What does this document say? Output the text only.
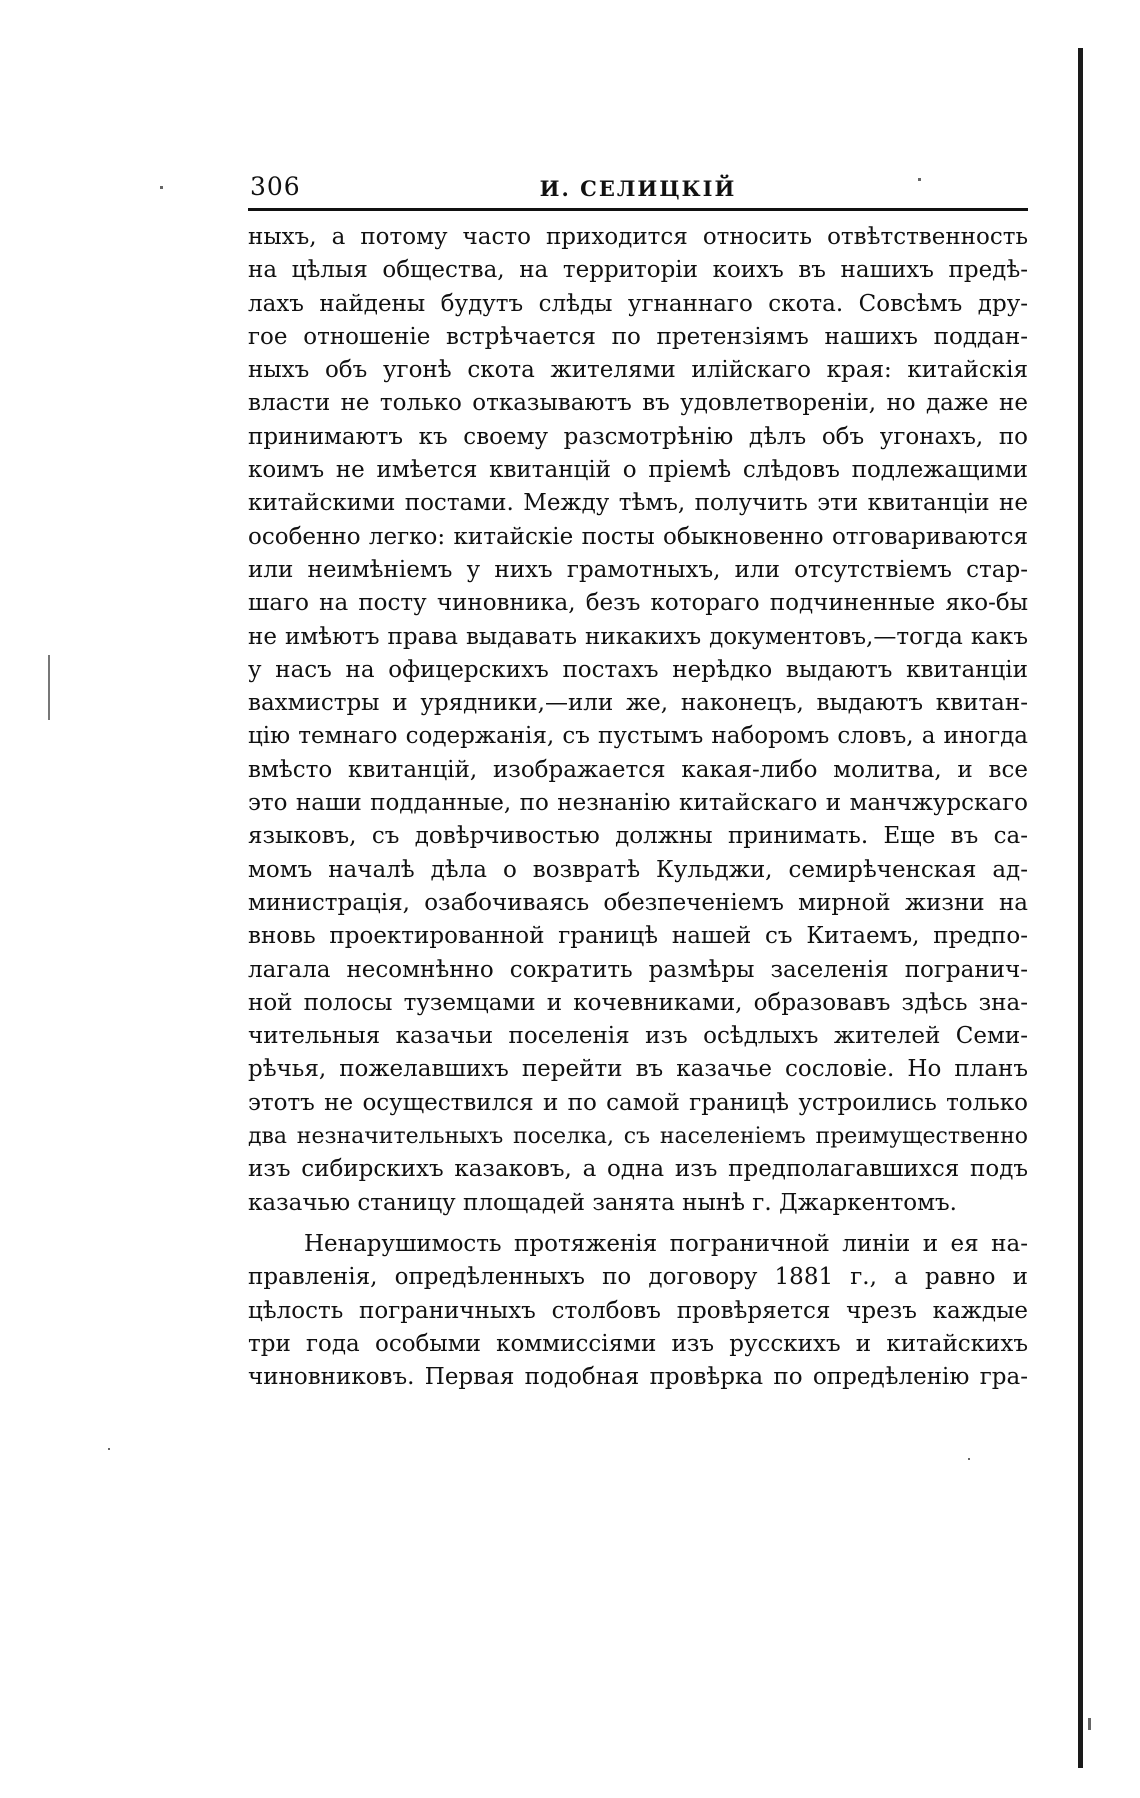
306	И. СЕЛИЦКІЙ
ныхъ, а потому часто приходится относить отвѣтственность
на цѣлыя общества, на территоріи коихъ въ нашихъ предѣ-
лахъ найдены будутъ слѣды угнаннаго скота. Совсѣмъ дру-
гое отношеніе встрѣчается по претензіямъ нашихъ поддан-
ныхъ объ угонѣ скота жителями илійскаго края: китайскія
власти не только отказываютъ въ удовлетвореніи, но даже не
принимаютъ къ своему разсмотрѣнію дѣлъ объ угонахъ, по
коимъ не имѣется квитанцій о пріемѣ слѣдовъ подлежащими
китайскими постами. Между тѣмъ, получить эти квитанціи не
особенно легко: китайскіе посты обыкновенно отговариваются
или неимѣніемъ у нихъ грамотныхъ, или отсутствіемъ стар-
шаго на посту чиновника, безъ котораго подчиненные яко-бы
не имѣютъ права выдавать никакихъ документовъ,—тогда какъ
у насъ на офицерскихъ постахъ нерѣдко выдаютъ квитанціи
вахмистры и урядники,—или же, наконецъ, выдаютъ квитан-
цію темнаго содержанія, съ пустымъ наборомъ словъ, а иногда
вмѣсто квитанцій, изображается какая-либо молитва, и все
это наши подданные, по незнанію китайскаго и манчжурскаго
языковъ, съ довѣрчивостью должны принимать. Еще въ са-
момъ началѣ дѣла о возвратѣ Кульджи, семирѣченская ад-
министрація, озабочиваясь обезпеченіемъ мирной жизни на
вновь проектированной границѣ нашей съ Китаемъ, предпо-
лагала несомнѣнно сократить размѣры заселенія погранич-
ной полосы туземцами и кочевниками, образовавъ здѣсь зна-
чительныя казачьи поселенія изъ осѣдлыхъ жителей Семи-
рѣчья, пожелавшихъ перейти въ казачье сословіе. Но планъ
этотъ не осуществился и по самой границѣ устроились только
два незначительныхъ поселка, съ населеніемъ преимущественно
изъ сибирскихъ казаковъ, а одна изъ предполагавшихся подъ
казачью станицу площадей занята нынѣ г. Джаркентомъ.
Ненарушимость протяженія пограничной линіи и ея на-
правленія, опредѣленныхъ по договору 1881 г., а равно и
цѣлость пограничныхъ столбовъ провѣряется чрезъ каждые
три года особыми коммиссіями изъ русскихъ и китайскихъ
чиновниковъ. Первая подобная провѣрка по опредѣленію гра-
